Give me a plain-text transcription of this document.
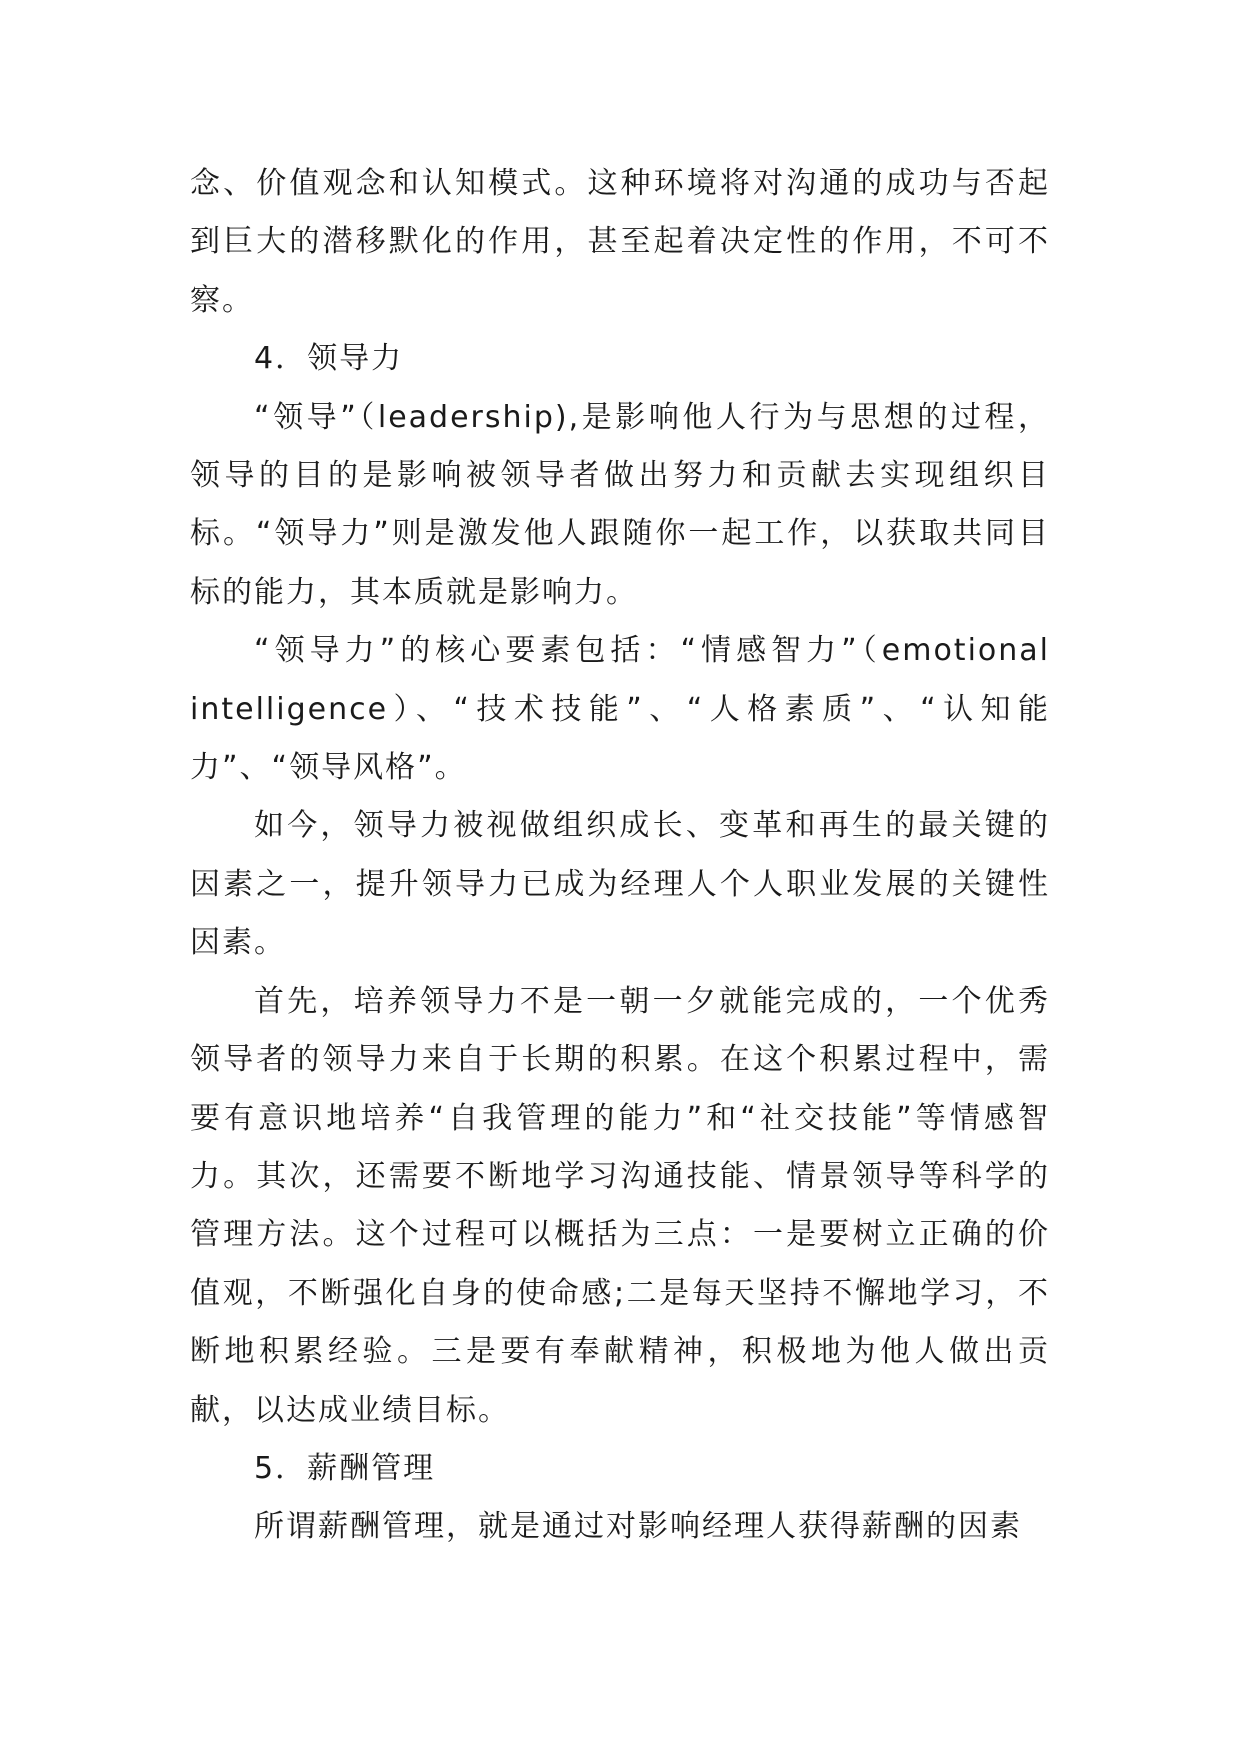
念、价值观念和认知模式。这种环境将对沟通的成功与否起到巨大的潜移默化的作用，甚至起着决定性的作用，不可不察。

4．领导力

“领导”（leadership),是影响他人行为与思想的过程，领导的目的是影响被领导者做出努力和贡献去实现组织目标。“领导力”则是激发他人跟随你一起工作，以获取共同目标的能力，其本质就是影响力。

“领导力”的核心要素包括：“情感智力”（emotional intelligence）、“技术技能”、“人格素质”、“认知能力”、“领导风格”。

如今，领导力被视做组织成长、变革和再生的最关键的因素之一，提升领导力已成为经理人个人职业发展的关键性因素。

首先，培养领导力不是一朝一夕就能完成的，一个优秀领导者的领导力来自于长期的积累。在这个积累过程中，需要有意识地培养“自我管理的能力”和“社交技能”等情感智力。其次，还需要不断地学习沟通技能、情景领导等科学的管理方法。这个过程可以概括为三点：一是要树立正确的价值观，不断强化自身的使命感;二是每天坚持不懈地学习，不断地积累经验。三是要有奉献精神，积极地为他人做出贡献，以达成业绩目标。

5．薪酬管理

所谓薪酬管理，就是通过对影响经理人获得薪酬的因素
